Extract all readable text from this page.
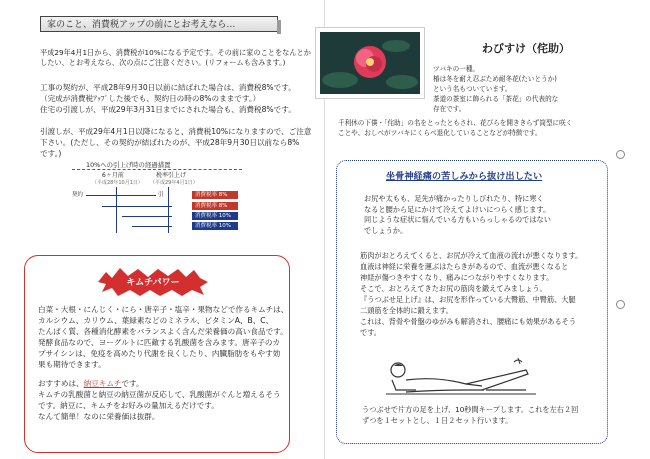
家のこと、消費税アップの前にとお考えなら…
平成29年4月1日から、消費税が10%になる予定です。その前に家のことをなんとか
したい、とお考えなら、次の点にご注意ください。(リフォームも含みます。)
工事の契約が、平成28年9月30日以前に結ばれた場合は、消費税8%です。
（完成が消費税ｱｯﾌﾟした後でも、契約日の時の8%のままです。）
住宅の引渡しが、平成29年3月31日までにされた場合も、消費税8%です。
引渡しが、平成29年4月1日以降になると、消費税10%になりますので、ご注意
下さい。(ただし、その契約が結ばれたのが、平成28年9月30日以前なら8%
です。)
10%への引上げ時の経過措置
6ヶ月前
（平成28年10月1日）
税率引上げ
（平成29年4月1日）
契約	引	消費税率 8%
消費税率 8%
消費税率 10%
消費税率 10%
キムチパワー
白菜・大根・にんじく・にら・唐辛子・塩辛・果物などで作るキムチは、
カルシウム、カリウム、葉緑素などのミネラル、ビタミンA、B、C、
たんぱく質、各種消化酵素をバランスよく含んだ栄養価の高い食品です。
発酵食品なので、ヨーグルトに匹敵する乳酸菌を含みます。唐辛子のカ
プサイシンは、免疫を高めたり代謝を良くしたり、内臓脂肪をもやす効
果も期待できます。
おすすめは、納豆キムチです。
キムチの乳酸菌と納豆の納豆菌が反応して、乳酸菌がぐんと増えるそう
です。納豆に、キムチをお好みの量加えるだけです。
なんて簡単！なのに栄養価は抜群。
わびすけ（侘助）
ツバキの一種。
椿は冬を耐え忍ぶため耐冬花(たいとうか)
という名もついています。
茶道の茶室に飾られる「茶花」の代表的な
存在です。
千利休の下僕・「侘助」の名をとったともされ、花びらを開ききらず筒型に咲く
ことや、おしべがツバキにくらべ退化していることなどが特徴です。
坐骨神経痛の苦しみから抜け出したい
お尻や太もも、足先が痛かったりしびれたり、特に寒く
なると腰から足にかけて冷えてよけいにつらく感じます。
同じような症状に悩んでいる方もいらっしゃるのではない
でしょうか。
筋肉がおとろえてくると、お尻が冷えて血液の流れが悪くなります。
血液は神経に栄養を運ぶはたらきがあるので、血流が悪くなると
神経が傷つきやすくなり、痛みにつながりやすくなります。
そこで、おとろえてきたお尻の筋肉を鍛えてみましょう。
『うつぶせ足上げ』は、お尻を形作っている大臀筋、中臀筋、大腿
二頭筋を全体的に鍛えます。
これは、背骨や骨盤のゆがみも解消され、腰痛にも効果があるそう
です。
うつぶせで片方の足を上げ、10秒間キープします。これを左右２回
ずつを１セットとし、１日２セット行います。
